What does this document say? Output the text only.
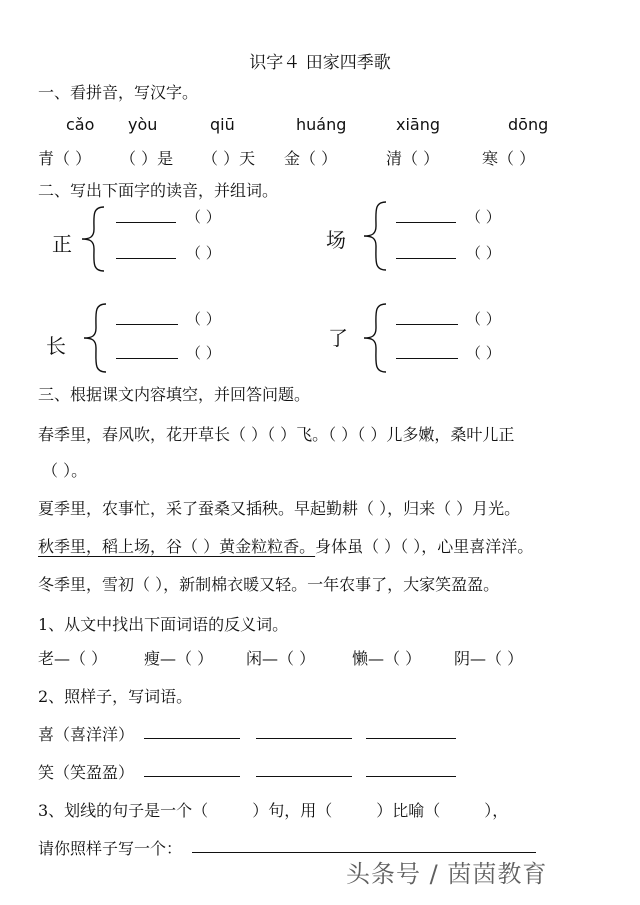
识字４ 田家四季歌
一、看拼音，写汉字。
cǎo yòu	qiū	huáng	xiāng	dōng
青（ ） （ ）是 （ ）天 金（ ）	清（ ）	寒（ ）
二、写出下面字的读音，并组词。
正
（ ）
（ ）
场
（ ）
（ ）
长
（ ）
（ ）
了
（ ）
（ ）
三、根据课文内容填空，并回答问题。
春季里，春风吹，花开草长（ ）（ ）飞。（ ）（ ）儿多嫩，桑叶儿正
（ ）。
夏季里，农事忙，采了蚕桑又插秧。早起勤耕（ ），归来（ ）月光。
秋季里，稻上场，谷（ ）黄金粒粒香。身体虽（ ）（ ），心里喜洋洋。
冬季里，雪初（ ），新制棉衣暖又轻。一年农事了，大家笑盈盈。
1、从文中找出下面词语的反义词。
老—（ ） 瘦—（ ） 闲—（ ） 懒—（ ） 阴—（ ）
2、照样子，写词语。
喜（喜洋洋）
笑（笑盈盈）
3、划线的句子是一个（	）句，用（	）比喻（	），
请你照样子写一个：
头条号 / 茵茵教育
